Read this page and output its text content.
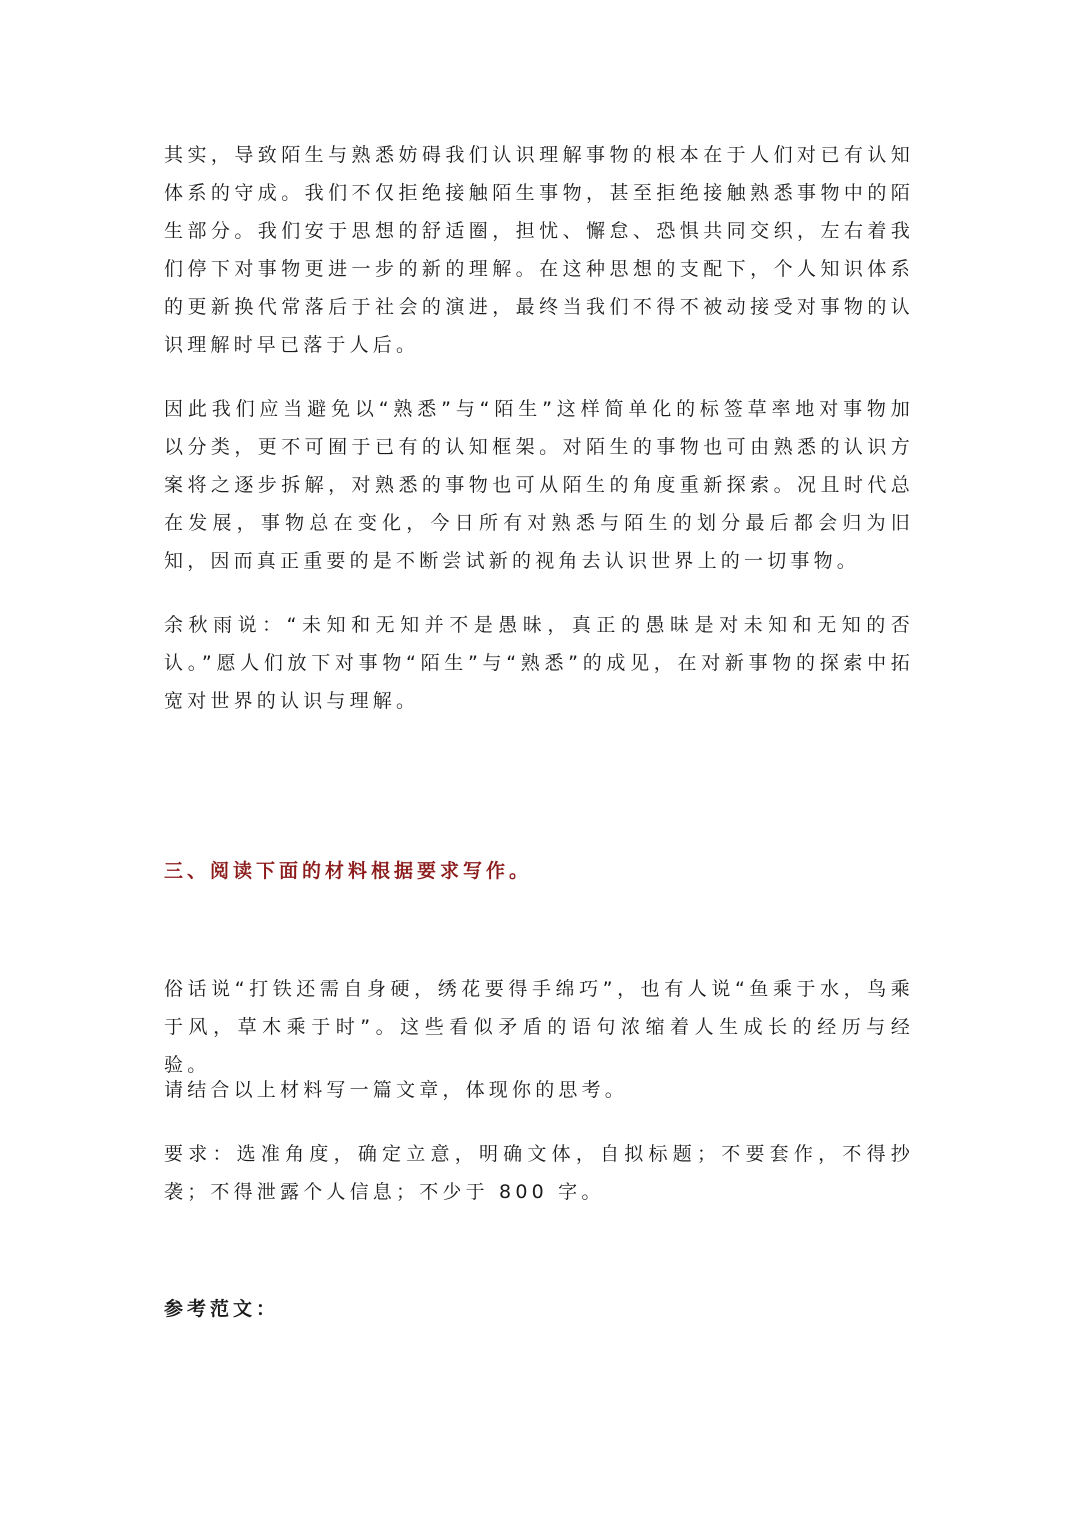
其实，导致陌生与熟悉妨碍我们认识理解事物的根本在于人们对已有认知体系的守成。我们不仅拒绝接触陌生事物，甚至拒绝接触熟悉事物中的陌生部分。我们安于思想的舒适圈，担忧、懈怠、恐惧共同交织，左右着我们停下对事物更进一步的新的理解。在这种思想的支配下，个人知识体系的更新换代常落后于社会的演进，最终当我们不得不被动接受对事物的认识理解时早已落于人后。

因此我们应当避免以“熟悉”与“陌生”这样简单化的标签草率地对事物加以分类，更不可囿于已有的认知框架。对陌生的事物也可由熟悉的认识方案将之逐步拆解，对熟悉的事物也可从陌生的角度重新探索。况且时代总在发展，事物总在变化，今日所有对熟悉与陌生的划分最后都会归为旧知，因而真正重要的是不断尝试新的视角去认识世界上的一切事物。

余秋雨说：“未知和无知并不是愚昧，真正的愚昧是对未知和无知的否认。”愿人们放下对事物“陌生”与“熟悉”的成见，在对新事物的探索中拓宽对世界的认识与理解。

三、阅读下面的材料根据要求写作。

俗话说“打铁还需自身硬，绣花要得手绵巧”，也有人说“鱼乘于水，鸟乘于风，草木乘于时”。这些看似矛盾的语句浓缩着人生成长的经历与经验。

请结合以上材料写一篇文章，体现你的思考。

要求：选准角度，确定立意，明确文体，自拟标题；不要套作，不得抄袭；不得泄露个人信息；不少于 800 字。

参考范文：
